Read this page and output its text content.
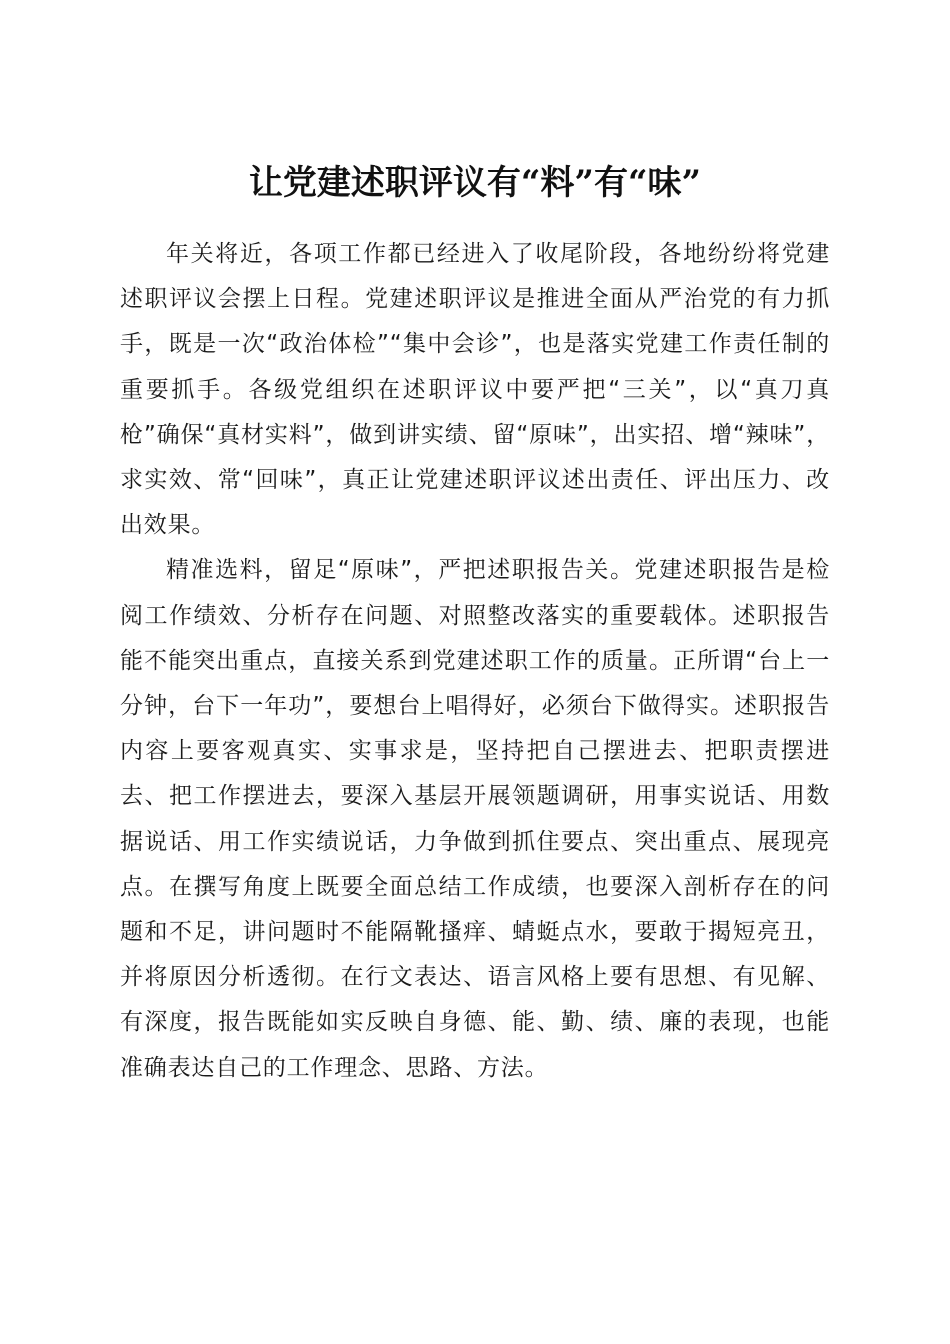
让党建述职评议有“料”有“味”

年关将近，各项工作都已经进入了收尾阶段，各地纷纷将党建述职评议会摆上日程。党建述职评议是推进全面从严治党的有力抓手，既是一次“政治体检”“集中会诊”，也是落实党建工作责任制的重要抓手。各级党组织在述职评议中要严把“三关”，以“真刀真枪”确保“真材实料”，做到讲实绩、留“原味”，出实招、增“辣味”，求实效、常“回味”，真正让党建述职评议述出责任、评出压力、改出效果。

精准选料，留足“原味”，严把述职报告关。党建述职报告是检阅工作绩效、分析存在问题、对照整改落实的重要载体。述职报告能不能突出重点，直接关系到党建述职工作的质量。正所谓“台上一分钟，台下一年功”，要想台上唱得好，必须台下做得实。述职报告内容上要客观真实、实事求是，坚持把自己摆进去、把职责摆进去、把工作摆进去，要深入基层开展领题调研，用事实说话、用数据说话、用工作实绩说话，力争做到抓住要点、突出重点、展现亮点。在撰写角度上既要全面总结工作成绩，也要深入剖析存在的问题和不足，讲问题时不能隔靴搔痒、蜻蜓点水，要敢于揭短亮丑，并将原因分析透彻。在行文表达、语言风格上要有思想、有见解、有深度，报告既能如实反映自身德、能、勤、绩、廉的表现，也能准确表达自己的工作理念、思路、方法。
